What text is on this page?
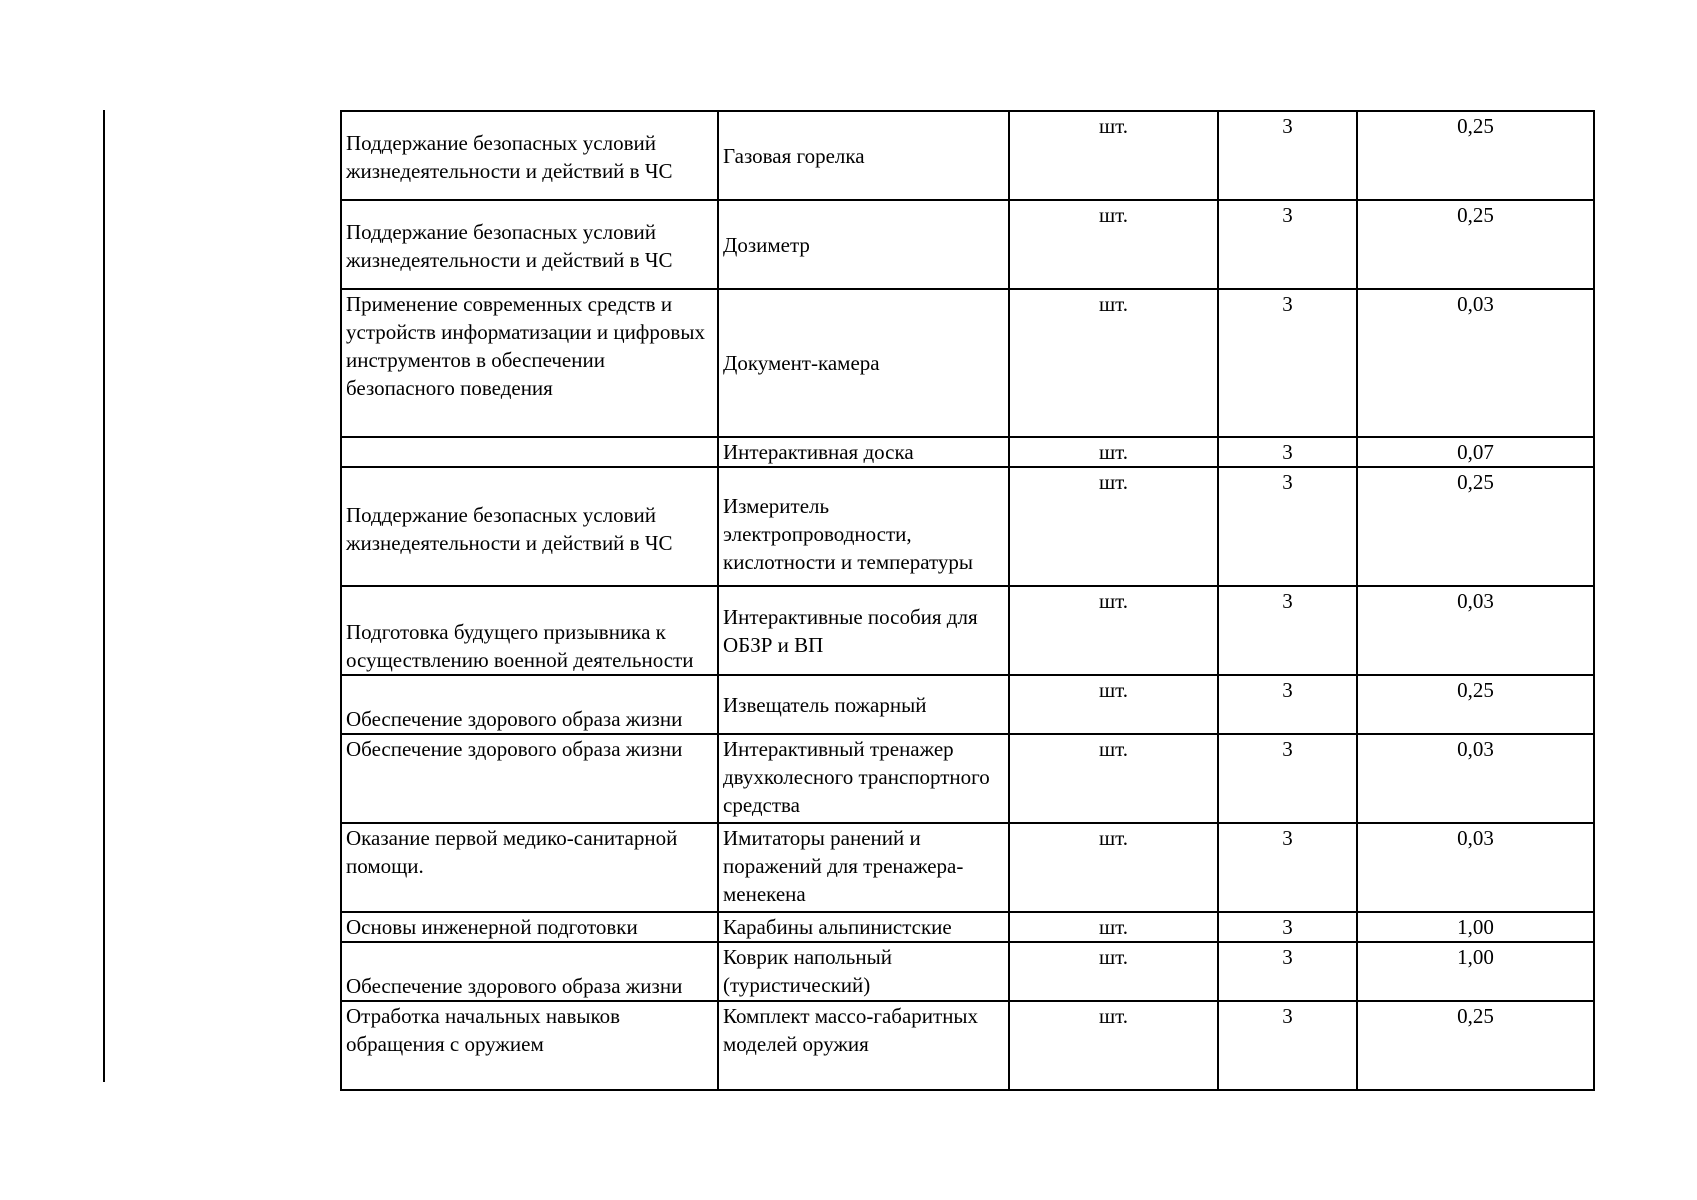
Поддержание безопасных условий жизнедеятельности и действий в ЧС	Газовая горелка	шт.	3	0,25
Поддержание безопасных условий жизнедеятельности и действий в ЧС	Дозиметр	шт.	3	0,25
Применение современных средств и устройств информатизации и цифровых инструментов в обеспечении безопасного поведения	Документ-камера	шт.	3	0,03
	Интерактивная доска	шт.	3	0,07
Поддержание безопасных условий жизнедеятельности и действий в ЧС	Измеритель электропроводности, кислотности и температуры	шт.	3	0,25
Подготовка будущего призывника к осуществлению военной деятельности	Интерактивные пособия для ОБЗР и ВП	шт.	3	0,03
Обеспечение здорового образа жизни	Извещатель пожарный	шт.	3	0,25
Обеспечение здорового образа жизни	Интерактивный тренажер двухколесного транспортного средства	шт.	3	0,03
Оказание первой медико-санитарной помощи.	Имитаторы ранений и поражений для тренажера-менекена	шт.	3	0,03
Основы инженерной подготовки	Карабины альпинистские	шт.	3	1,00
Обеспечение здорового образа жизни	Коврик напольный (туристический)	шт.	3	1,00
Отработка начальных навыков обращения с оружием	Комплект массо-габаритных моделей оружия	шт.	3	0,25
